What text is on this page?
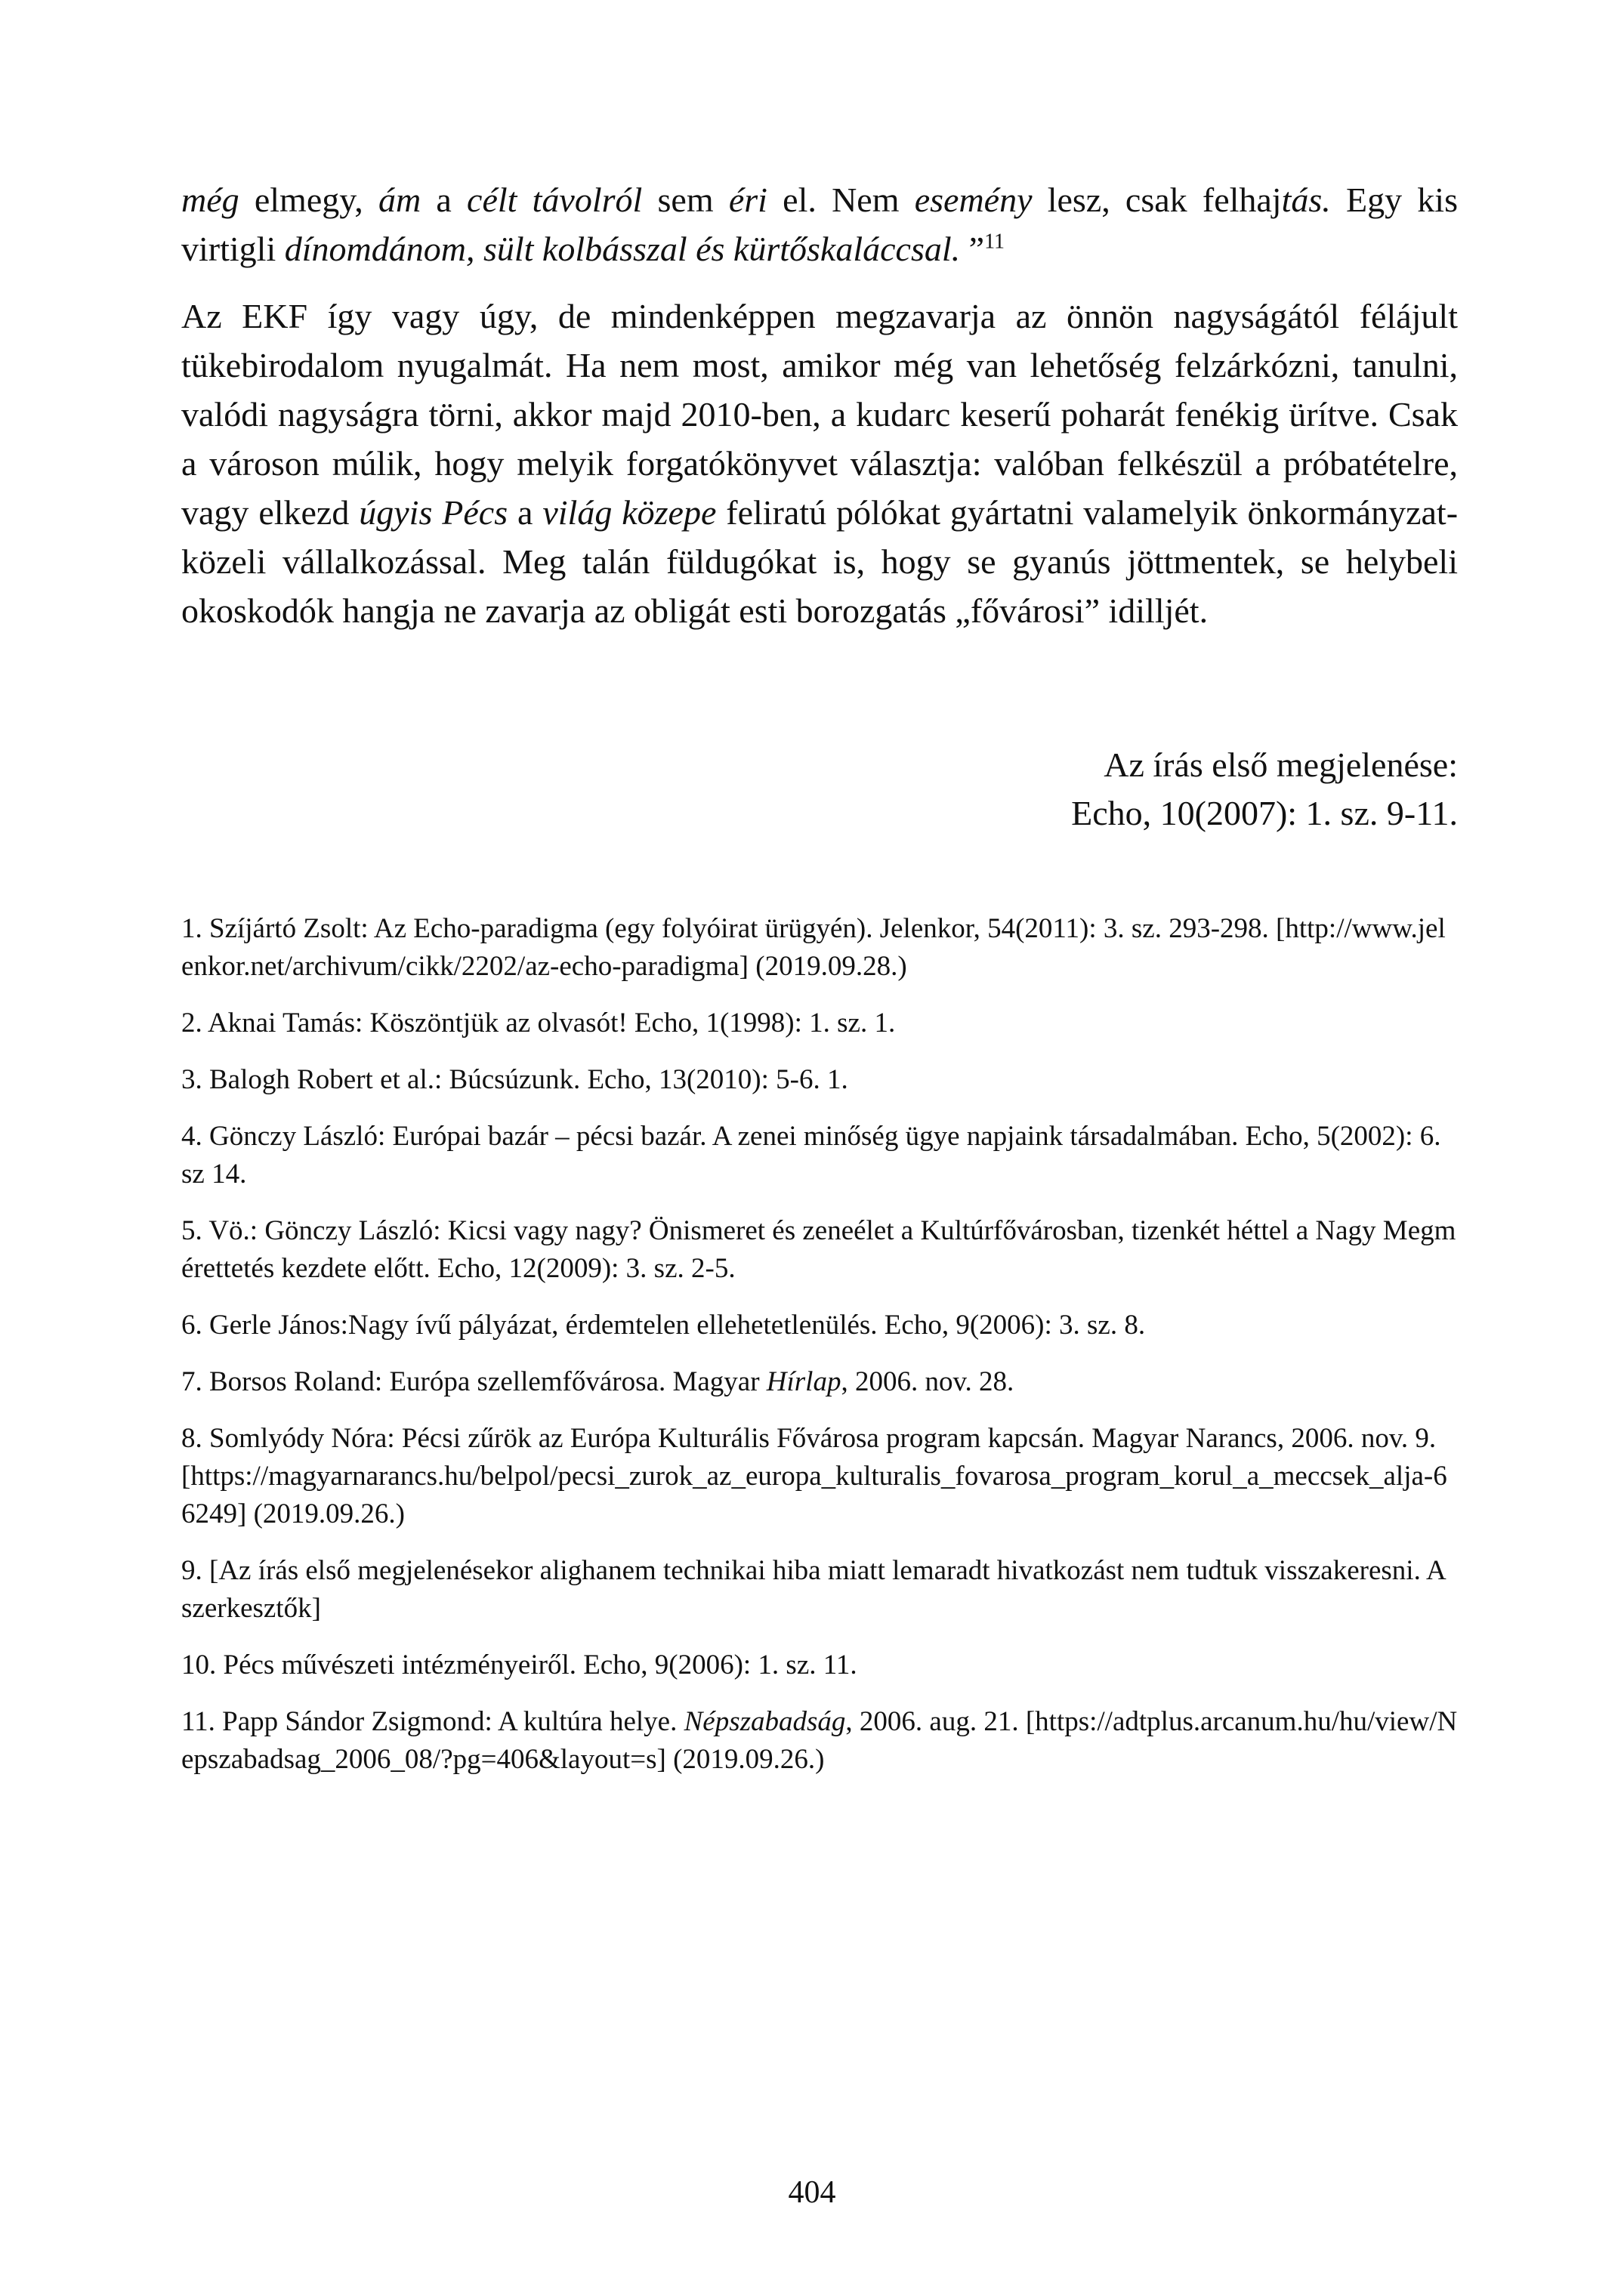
még elmegy, ám a célt távolról sem éri el. Nem esemény lesz, csak felhajtás. Egy kis virtigli dínomdánom, sült kolbásszal és kürtőskaláccsal. ”$^{11}$

Az EKF így vagy úgy, de mindenképpen megzavarja az önnön nagyságától félájult tükebirodalom nyugalmát. Ha nem most, amikor még van lehetőség felzárkózni, tanulni, valódi nagyságra törni, akkor majd 2010-ben, a kudarc keserű poharát fenékig ürítve. Csak a városon múlik, hogy melyik forgatókönyvet választja: valóban felkészül a próbatételre, vagy elkezd úgyis Pécs a világ közepe feliratú pólókat gyártatni valamelyik önkormányzat-közeli vállalkozással. Meg talán füldugókat is, hogy se gyanús jöttmentek, se helybeli okoskodók hangja ne zavarja az obligát esti borozgatás „fővárosi” idilljét.

Az írás első megjelenése:
Echo, 10(2007): 1. sz. 9-11.

1. Szíjártó Zsolt: Az Echo-paradigma (egy folyóirat ürügyén). Jelenkor, 54(2011): 3. sz. 293-298. [http://www.jelenkor.net/archivum/cikk/2202/az-echo-paradigma] (2019.09.28.)

2. Aknai Tamás: Köszöntjük az olvasót! Echo, 1(1998): 1. sz. 1.

3. Balogh Robert et al.: Búcsúzunk. Echo, 13(2010): 5-6. 1.

4. Gönczy László: Európai bazár – pécsi bazár. A zenei minőség ügye napjaink társadalmában. Echo, 5(2002): 6. sz 14.

5. Vö.: Gönczy László: Kicsi vagy nagy? Önismeret és zeneélet a Kultúrfővárosban, tizenkét héttel a Nagy Megmérettetés kezdete előtt. Echo, 12(2009): 3. sz. 2-5.

6. Gerle János:Nagy ívű pályázat, érdemtelen ellehetetlenülés. Echo, 9(2006): 3. sz. 8.

7. Borsos Roland: Európa szellemfővárosa. Magyar Hírlap, 2006. nov. 28.

8. Somlyódy Nóra: Pécsi zűrök az Európa Kulturális Fővárosa program kapcsán. Magyar Narancs, 2006. nov. 9. [https://magyarnarancs.hu/belpol/pecsi_zurok_az_europa_kulturalis_fovarosa_program_korul_a_meccsek_alja-66249] (2019.09.26.)

9. [Az írás első megjelenésekor alighanem technikai hiba miatt lemaradt hivatkozást nem tudtuk visszakeresni. A szerkesztők]

10. Pécs művészeti intézményeiről. Echo, 9(2006): 1. sz. 11.

11. Papp Sándor Zsigmond: A kultúra helye. Népszabadság, 2006. aug. 21. [https://adtplus.arcanum.hu/hu/view/Nepszabadsag_2006_08/?pg=406&layout=s] (2019.09.26.)

404
